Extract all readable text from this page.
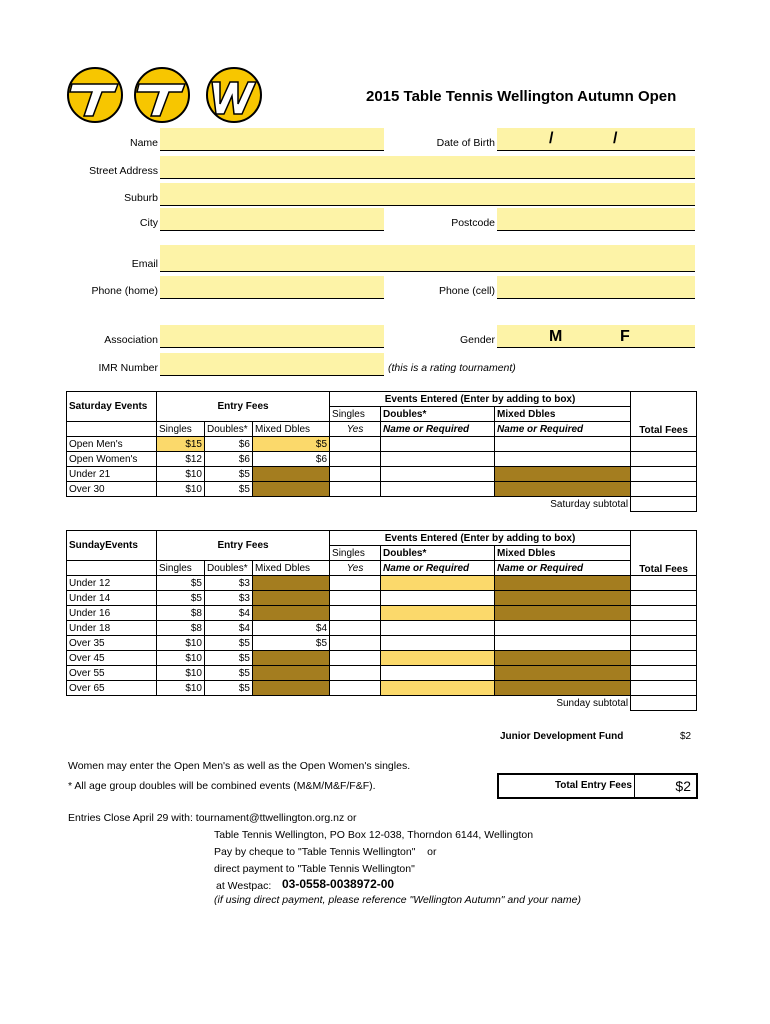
2015 Table Tennis Wellington Autumn Open
Name	Date of Birth	/	/
Street Address
Suburb
City	Postcode
Email
Phone (home)	Phone (cell)
Association	Gender	M	F
IMR Number	(this is a rating tournament)
Saturday Events	Entry Fees			Events Entered (Enter by adding to box)			Total Fees
				Singles	Doubles*	Mixed Dbles	
	Singles	Doubles*	Mixed Dbles	Yes	Name or Required	Name or Required	
Open Men's	$15	$6	$5				
Open Women's	$12	$6	$6				
Under 21	$10	$5					
Over 30	$10	$5					
Saturday subtotal							
SundayEvents	Entry Fees			Events Entered (Enter by adding to box)			Total Fees
				Singles	Doubles*	Mixed Dbles	
	Singles	Doubles*	Mixed Dbles	Yes	Name or Required	Name or Required	
Under 12	$5	$3					
Under 14	$5	$3					
Under 16	$8	$4					
Under 18	$8	$4	$4				
Over 35	$10	$5	$5				
Over 45	$10	$5					
Over 55	$10	$5					
Over 65	$10	$5					
Sunday subtotal							
Junior Development Fund	$2
Women may enter the Open Men's as well as the Open Women's singles.
* All age group doubles will be combined events (M&M/M&F/F&F).	Total Entry Fees	$2
Entries Close April 29 with: tournament@ttwellington.org.nz or
Table Tennis Wellington, PO Box 12-038, Thorndon 6144, Wellington
Pay by cheque to "Table Tennis Wellington"    or
direct payment to "Table Tennis Wellington"
at Westpac: 03-0558-0038972-00
(if using direct payment, please reference "Wellington Autumn" and your name)
